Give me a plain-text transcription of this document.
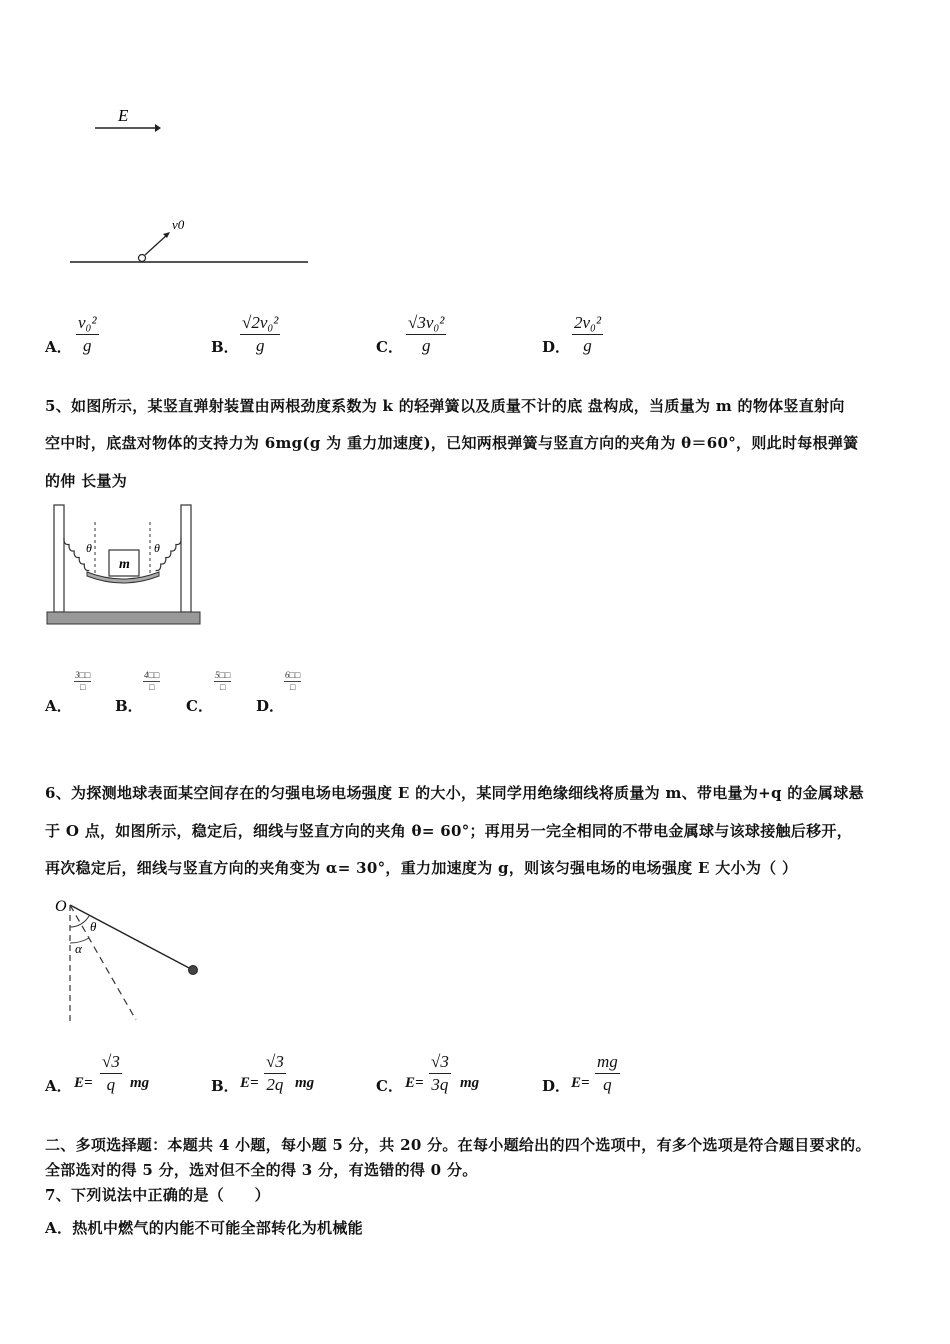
E
v0
A． $\frac{\text{v₀²}}{g}$	B． $\frac{\text{√2v₀²}}{g}$	C． $\frac{\text{√3v₀²}}{g}$	D． $\frac{\text{2v₀²}}{g}$
5、如图所示，某竖直弹射装置由两根劲度系数为 k 的轻弹簧以及质量不计的底 盘构成，当质量为 m 的物体竖直射向
空中时，底盘对物体的支持力为 6mg(g 为 重力加速度)，已知两根弹簧与竖直方向的夹角为 θ＝60°，则此时每根弹簧
的伸 长量为
m
θ	θ
A．
3□□
□
B．
4□□
□
C．
5□□
□
D．
6□□
□
6、为探测地球表面某空间存在的匀强电场电场强度 E 的大小，某同学用绝缘细线将质量为 m、带电量为+q 的金属球悬
于 O 点，如图所示，稳定后，细线与竖直方向的夹角 θ= 60°；再用另一完全相同的不带电金属球与该球接触后移开，
再次稳定后，细线与竖直方向的夹角变为 α= 30°，重力加速度为 g，则该匀强电场的电场强度 E 大小为（ ）
O
θ
α
A． $E= \frac{√3}{q}$ mg	B． $E= \frac{√3}{2q}$ mg	C． $E= \frac{√3}{3q}$ mg	D． $E= \frac{mg}{q}$
二、多项选择题：本题共 4 小题，每小题 5 分，共 20 分。在每小题给出的四个选项中，有多个选项是符合题目要求的。
全部选对的得 5 分，选对但不全的得 3 分，有选错的得 0 分。
7、下列说法中正确的是（　　）
A．热机中燃气的内能不可能全部转化为机械能
